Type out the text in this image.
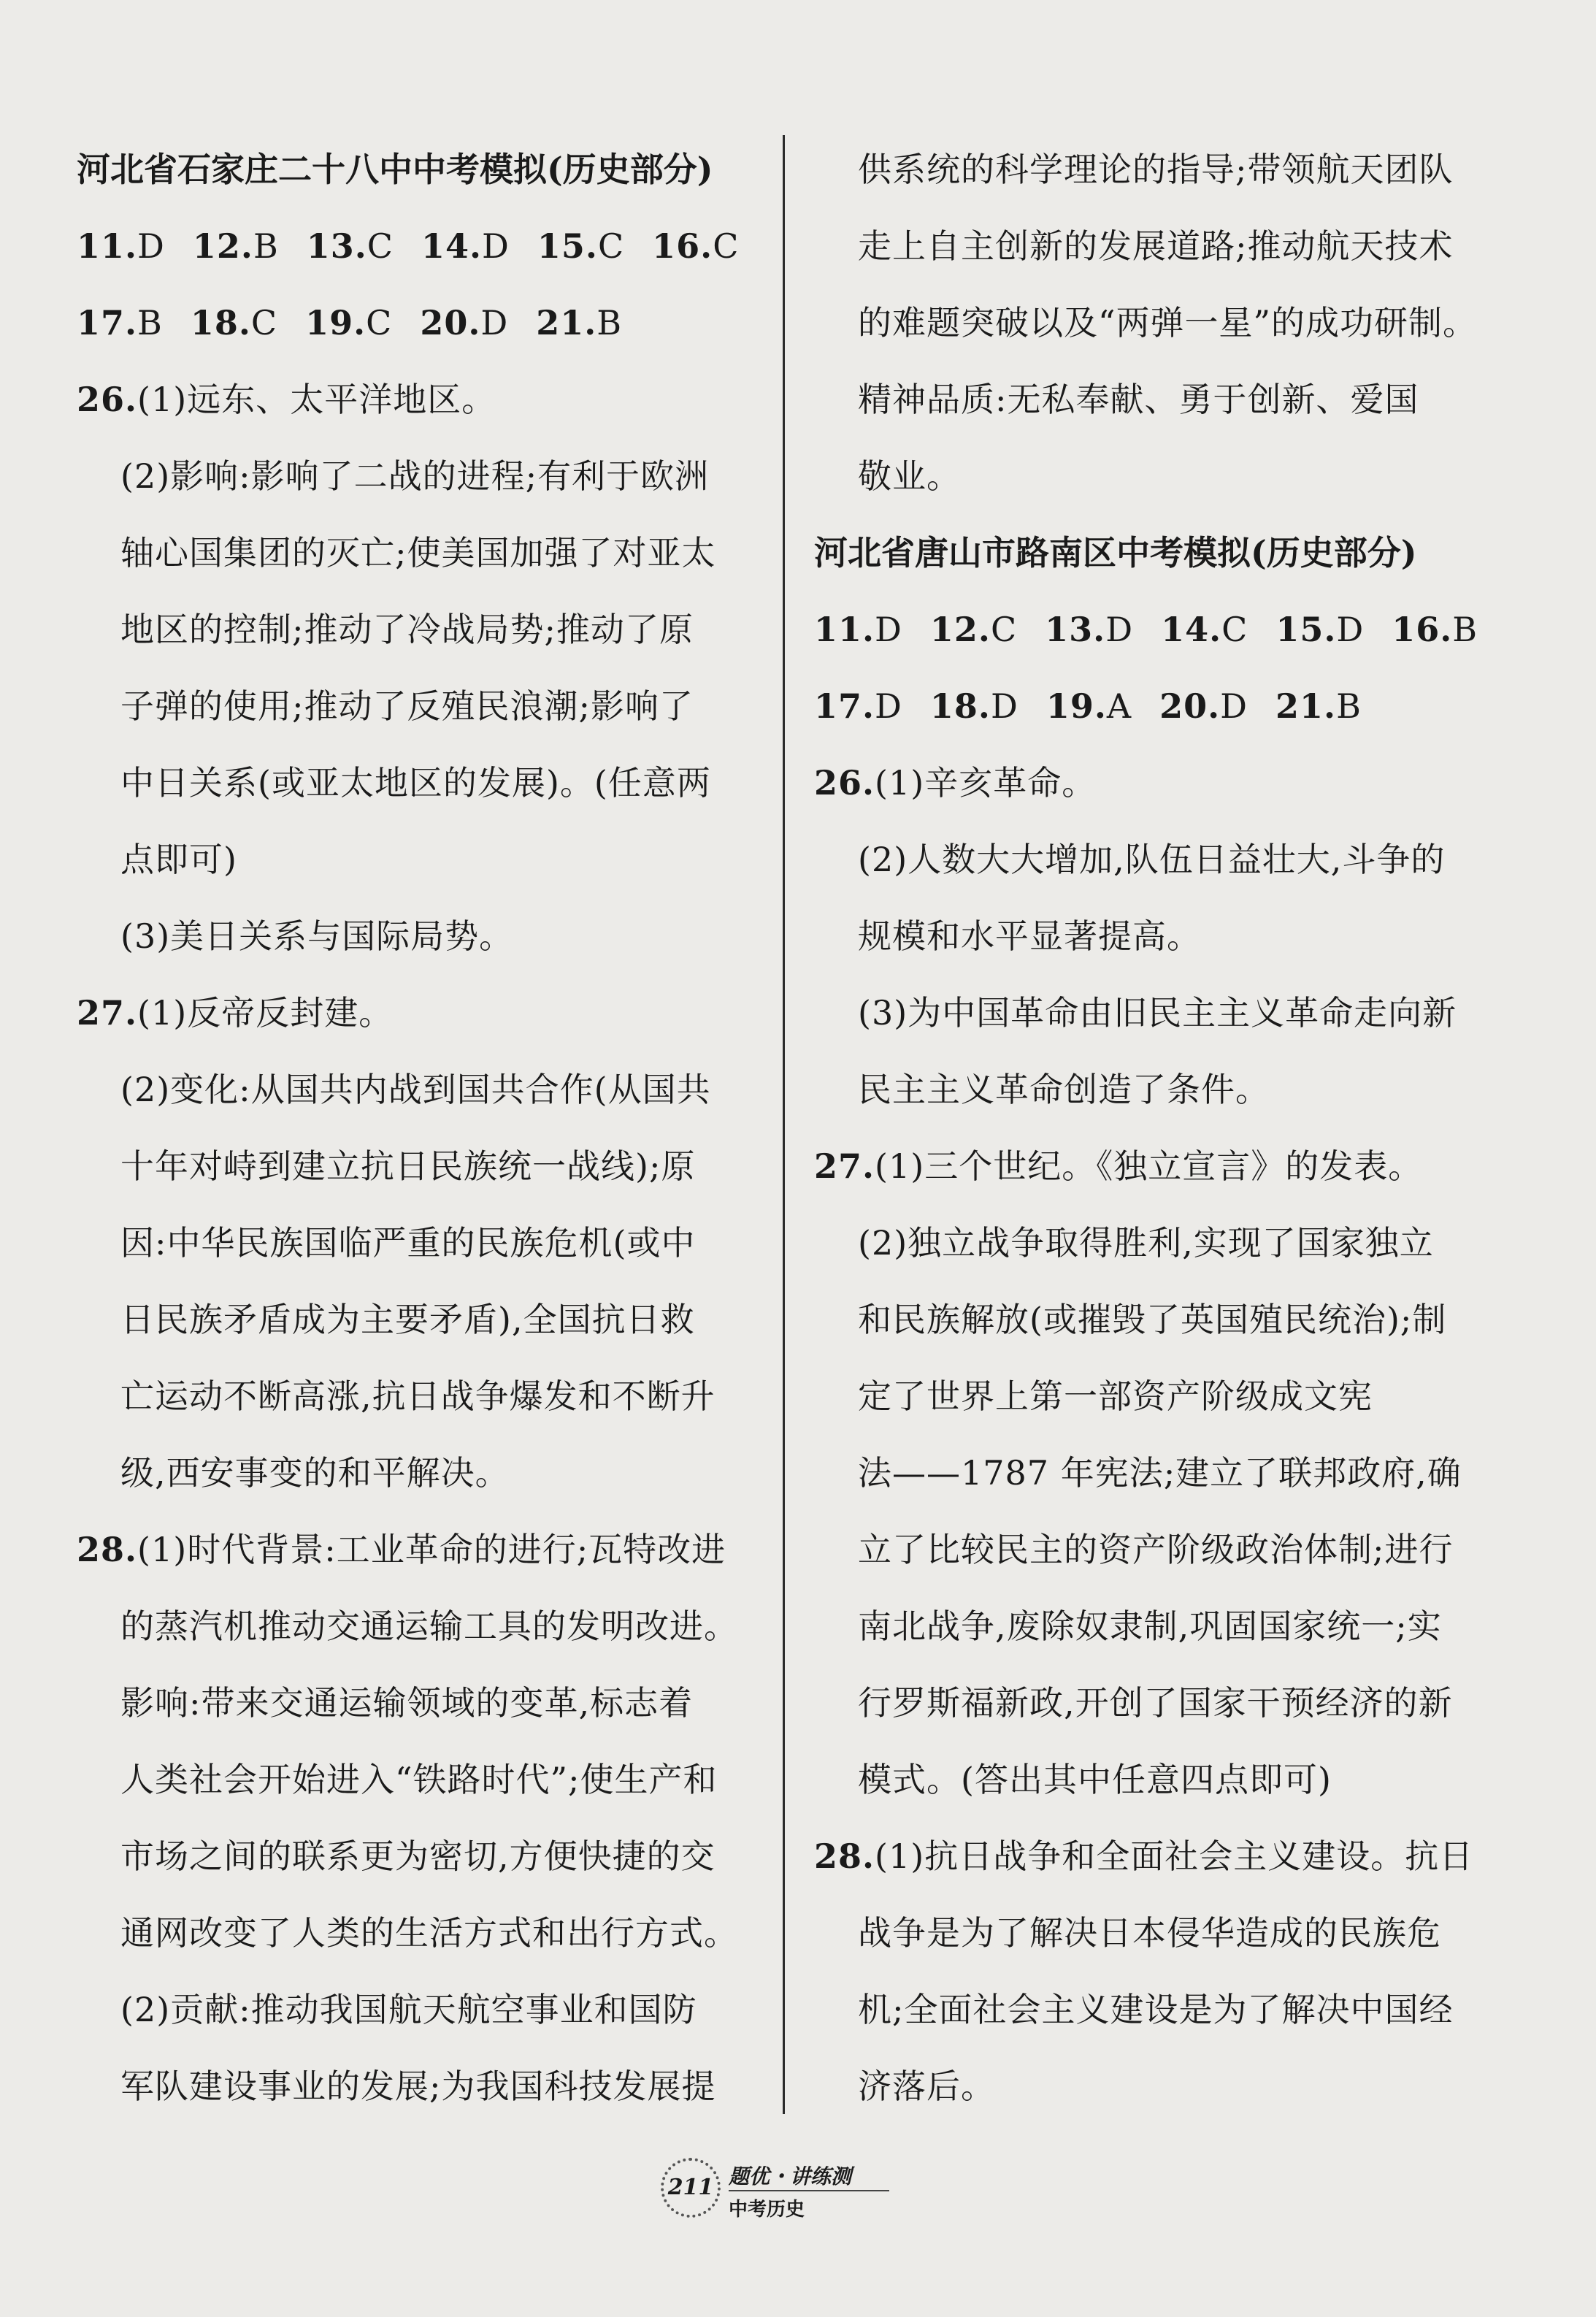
河北省石家庄二十八中中考模拟(历史部分)
11.D 12.B 13.C 14.D 15.C 16.C
17.B 18.C 19.C 20.D 21.B
26.(1)远东、太平洋地区。
(2)影响:影响了二战的进程;有利于欧洲
轴心国集团的灭亡;使美国加强了对亚太
地区的控制;推动了冷战局势;推动了原
子弹的使用;推动了反殖民浪潮;影响了
中日关系(或亚太地区的发展)。(任意两
点即可)
(3)美日关系与国际局势。
27.(1)反帝反封建。
(2)变化:从国共内战到国共合作(从国共
十年对峙到建立抗日民族统一战线);原
因:中华民族国临严重的民族危机(或中
日民族矛盾成为主要矛盾),全国抗日救
亡运动不断高涨,抗日战争爆发和不断升
级,西安事变的和平解决。
28.(1)时代背景:工业革命的进行;瓦特改进
的蒸汽机推动交通运输工具的发明改进。
影响:带来交通运输领域的变革,标志着
人类社会开始进入“铁路时代”;使生产和
市场之间的联系更为密切,方便快捷的交
通网改变了人类的生活方式和出行方式。
(2)贡献:推动我国航天航空事业和国防
军队建设事业的发展;为我国科技发展提
供系统的科学理论的指导;带领航天团队
走上自主创新的发展道路;推动航天技术
的难题突破以及“两弹一星”的成功研制。
精神品质:无私奉献、勇于创新、爱国
敬业。
河北省唐山市路南区中考模拟(历史部分)
11.D 12.C 13.D 14.C 15.D 16.B
17.D 18.D 19.A 20.D 21.B
26.(1)辛亥革命。
(2)人数大大增加,队伍日益壮大,斗争的
规模和水平显著提高。
(3)为中国革命由旧民主主义革命走向新
民主主义革命创造了条件。
27.(1)三个世纪。《独立宣言》的发表。
(2)独立战争取得胜利,实现了国家独立
和民族解放(或摧毁了英国殖民统治);制
定了世界上第一部资产阶级成文宪
法——1787 年宪法;建立了联邦政府,确
立了比较民主的资产阶级政治体制;进行
南北战争,废除奴隶制,巩固国家统一;实
行罗斯福新政,开创了国家干预经济的新
模式。(答出其中任意四点即可)
28.(1)抗日战争和全面社会主义建设。抗日
战争是为了解决日本侵华造成的民族危
机;全面社会主义建设是为了解决中国经
济落后。
211 题优・讲练测
中考历史
